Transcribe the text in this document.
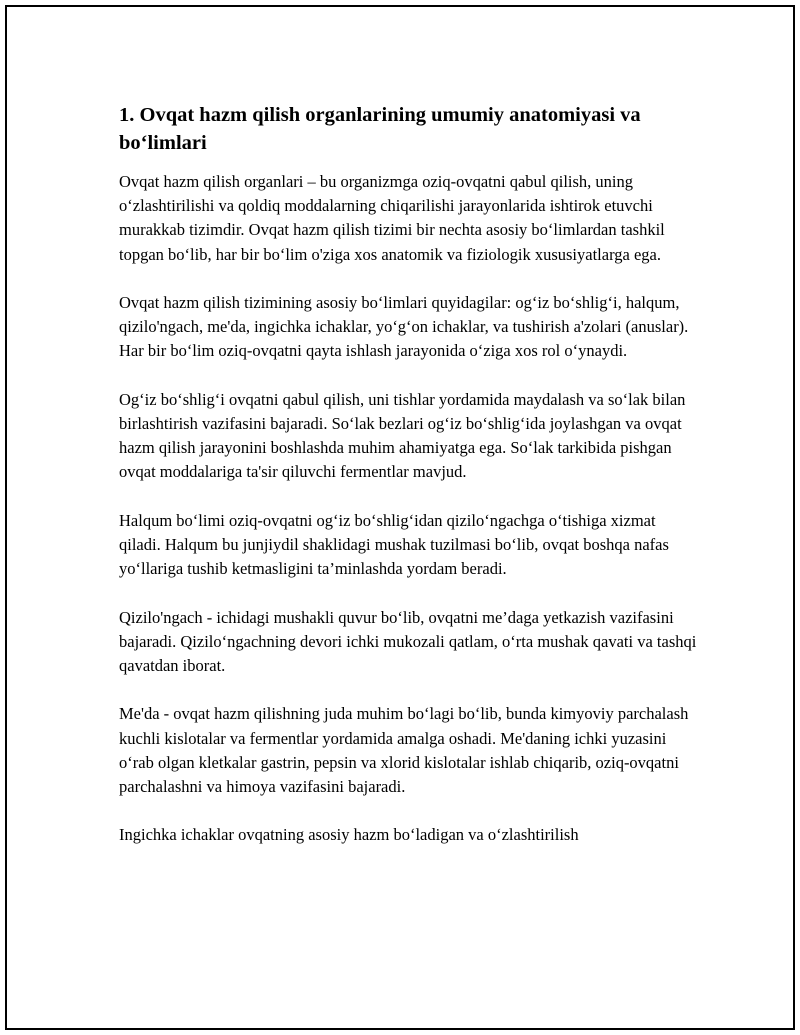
1. Ovqat hazm qilish organlarining umumiy anatomiyasi va bo‘limlari

Ovqat hazm qilish organlari – bu organizmga oziq-ovqatni qabul qilish, uning o‘zlashtirilishi va qoldiq moddalarning chiqarilishi jarayonlarida ishtirok etuvchi murakkab tizimdir. Ovqat hazm qilish tizimi bir nechta asosiy bo‘limlardan tashkil topgan bo‘lib, har bir bo‘lim o'ziga xos anatomik va fiziologik xususiyatlarga ega.

Ovqat hazm qilish tizimining asosiy bo‘limlari quyidagilar: og‘iz bo‘shlig‘i, halqum, qizilo'ngach, me'da, ingichka ichaklar, yo‘g‘on ichaklar, va tushirish a'zolari (anuslar). Har bir bo‘lim oziq-ovqatni qayta ishlash jarayonida o‘ziga xos rol o‘ynaydi.

Og‘iz bo‘shlig‘i ovqatni qabul qilish, uni tishlar yordamida maydalash va so‘lak bilan birlashtirish vazifasini bajaradi. So‘lak bezlari og‘iz bo‘shlig‘ida joylashgan va ovqat hazm qilish jarayonini boshlashda muhim ahamiyatga ega. So‘lak tarkibida pishgan ovqat moddalariga ta'sir qiluvchi fermentlar mavjud.

Halqum bo‘limi oziq-ovqatni og‘iz bo‘shlig‘idan qizilo‘ngachga o‘tishiga xizmat qiladi. Halqum bu junjiydil shaklidagi mushak tuzilmasi bo‘lib, ovqat boshqa nafas yo‘llariga tushib ketmasligini ta’minlashda yordam beradi.

Qizilo'ngach - ichidagi mushakli quvur bo‘lib, ovqatni me’daga yetkazish vazifasini bajaradi. Qizilo‘ngachning devori ichki mukozali qatlam, o‘rta mushak qavati va tashqi qavatdan iborat.

Me'da - ovqat hazm qilishning juda muhim bo‘lagi bo‘lib, bunda kimyoviy parchalash kuchli kislotalar va fermentlar yordamida amalga oshadi. Me'daning ichki yuzasini o‘rab olgan kletkalar gastrin, pepsin va xlorid kislotalar ishlab chiqarib, oziq-ovqatni parchalashni va himoya vazifasini bajaradi.

Ingichka ichaklar ovqatning asosiy hazm bo‘ladigan va o‘zlashtirilish
